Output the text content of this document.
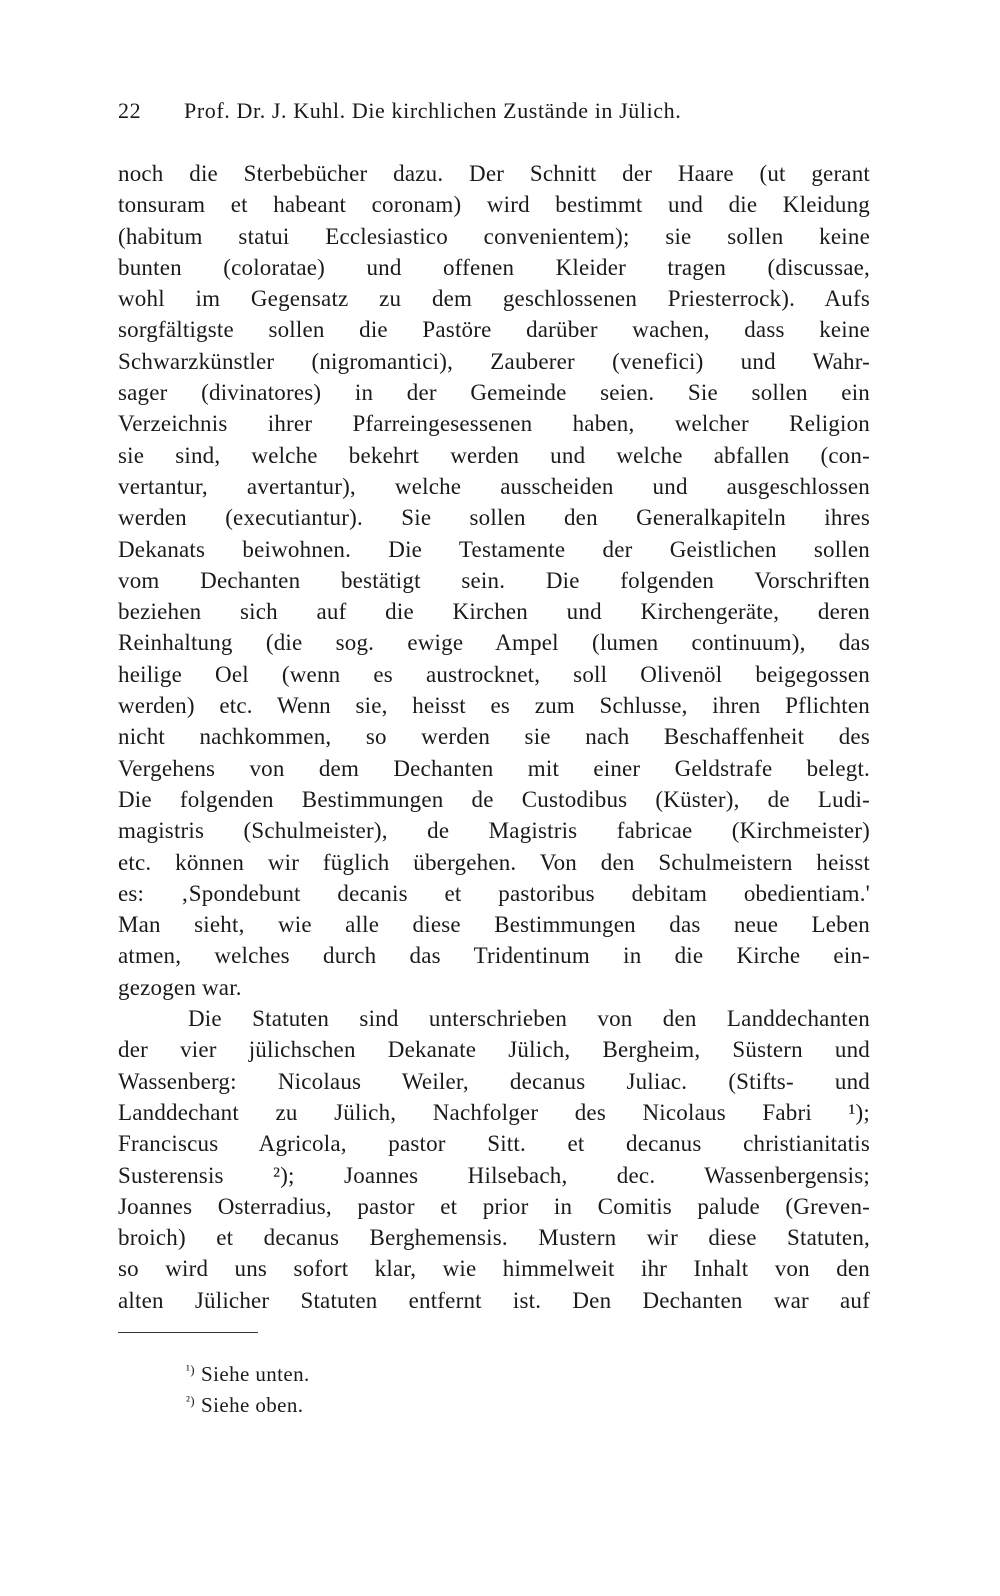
22 Prof. Dr. J. Kuhl. Die kirchlichen Zustände in Jülich.
noch die Sterbebücher dazu. Der Schnitt der Haare (ut gerant
tonsuram et habeant coronam) wird bestimmt und die Kleidung
(habitum statui Ecclesiastico convenientem); sie sollen keine
bunten (coloratae) und offenen Kleider tragen (discussae,
wohl im Gegensatz zu dem geschlossenen Priesterrock). Aufs
sorgfältigste sollen die Pastöre darüber wachen, dass keine
Schwarzkünstler (nigromantici), Zauberer (venefici) und Wahr-
sager (divinatores) in der Gemeinde seien. Sie sollen ein
Verzeichnis ihrer Pfarreingesessenen haben, welcher Religion
sie sind, welche bekehrt werden und welche abfallen (con-
vertantur, avertantur), welche ausscheiden und ausgeschlossen
werden (executiantur). Sie sollen den Generalkapiteln ihres
Dekanats beiwohnen. Die Testamente der Geistlichen sollen
vom Dechanten bestätigt sein. Die folgenden Vorschriften
beziehen sich auf die Kirchen und Kirchengeräte, deren
Reinhaltung (die sog. ewige Ampel (lumen continuum), das
heilige Oel (wenn es austrocknet, soll Olivenöl beigegossen
werden) etc. Wenn sie, heisst es zum Schlusse, ihren Pflichten
nicht nachkommen, so werden sie nach Beschaffenheit des
Vergehens von dem Dechanten mit einer Geldstrafe belegt.
Die folgenden Bestimmungen de Custodibus (Küster), de Ludi-
magistris (Schulmeister), de Magistris fabricae (Kirchmeister)
etc. können wir füglich übergehen. Von den Schulmeistern heisst
es: ‚Spondebunt decanis et pastoribus debitam obedientiam.'
Man sieht, wie alle diese Bestimmungen das neue Leben
atmen, welches durch das Tridentinum in die Kirche ein-
gezogen war.
Die Statuten sind unterschrieben von den Landdechanten
der vier jülichschen Dekanate Jülich, Bergheim, Süstern und
Wassenberg: Nicolaus Weiler, decanus Juliac. (Stifts- und
Landdechant zu Jülich, Nachfolger des Nicolaus Fabri ¹);
Franciscus Agricola, pastor Sitt. et decanus christianitatis
Susterensis ²); Joannes Hilsebach, dec. Wassenbergensis;
Joannes Osterradius, pastor et prior in Comitis palude (Greven-
broich) et decanus Berghemensis. Mustern wir diese Statuten,
so wird uns sofort klar, wie himmelweit ihr Inhalt von den
alten Jülicher Statuten entfernt ist. Den Dechanten war auf
$^{^1)}$ Siehe unten.
$^{^2)}$ Siehe oben.
